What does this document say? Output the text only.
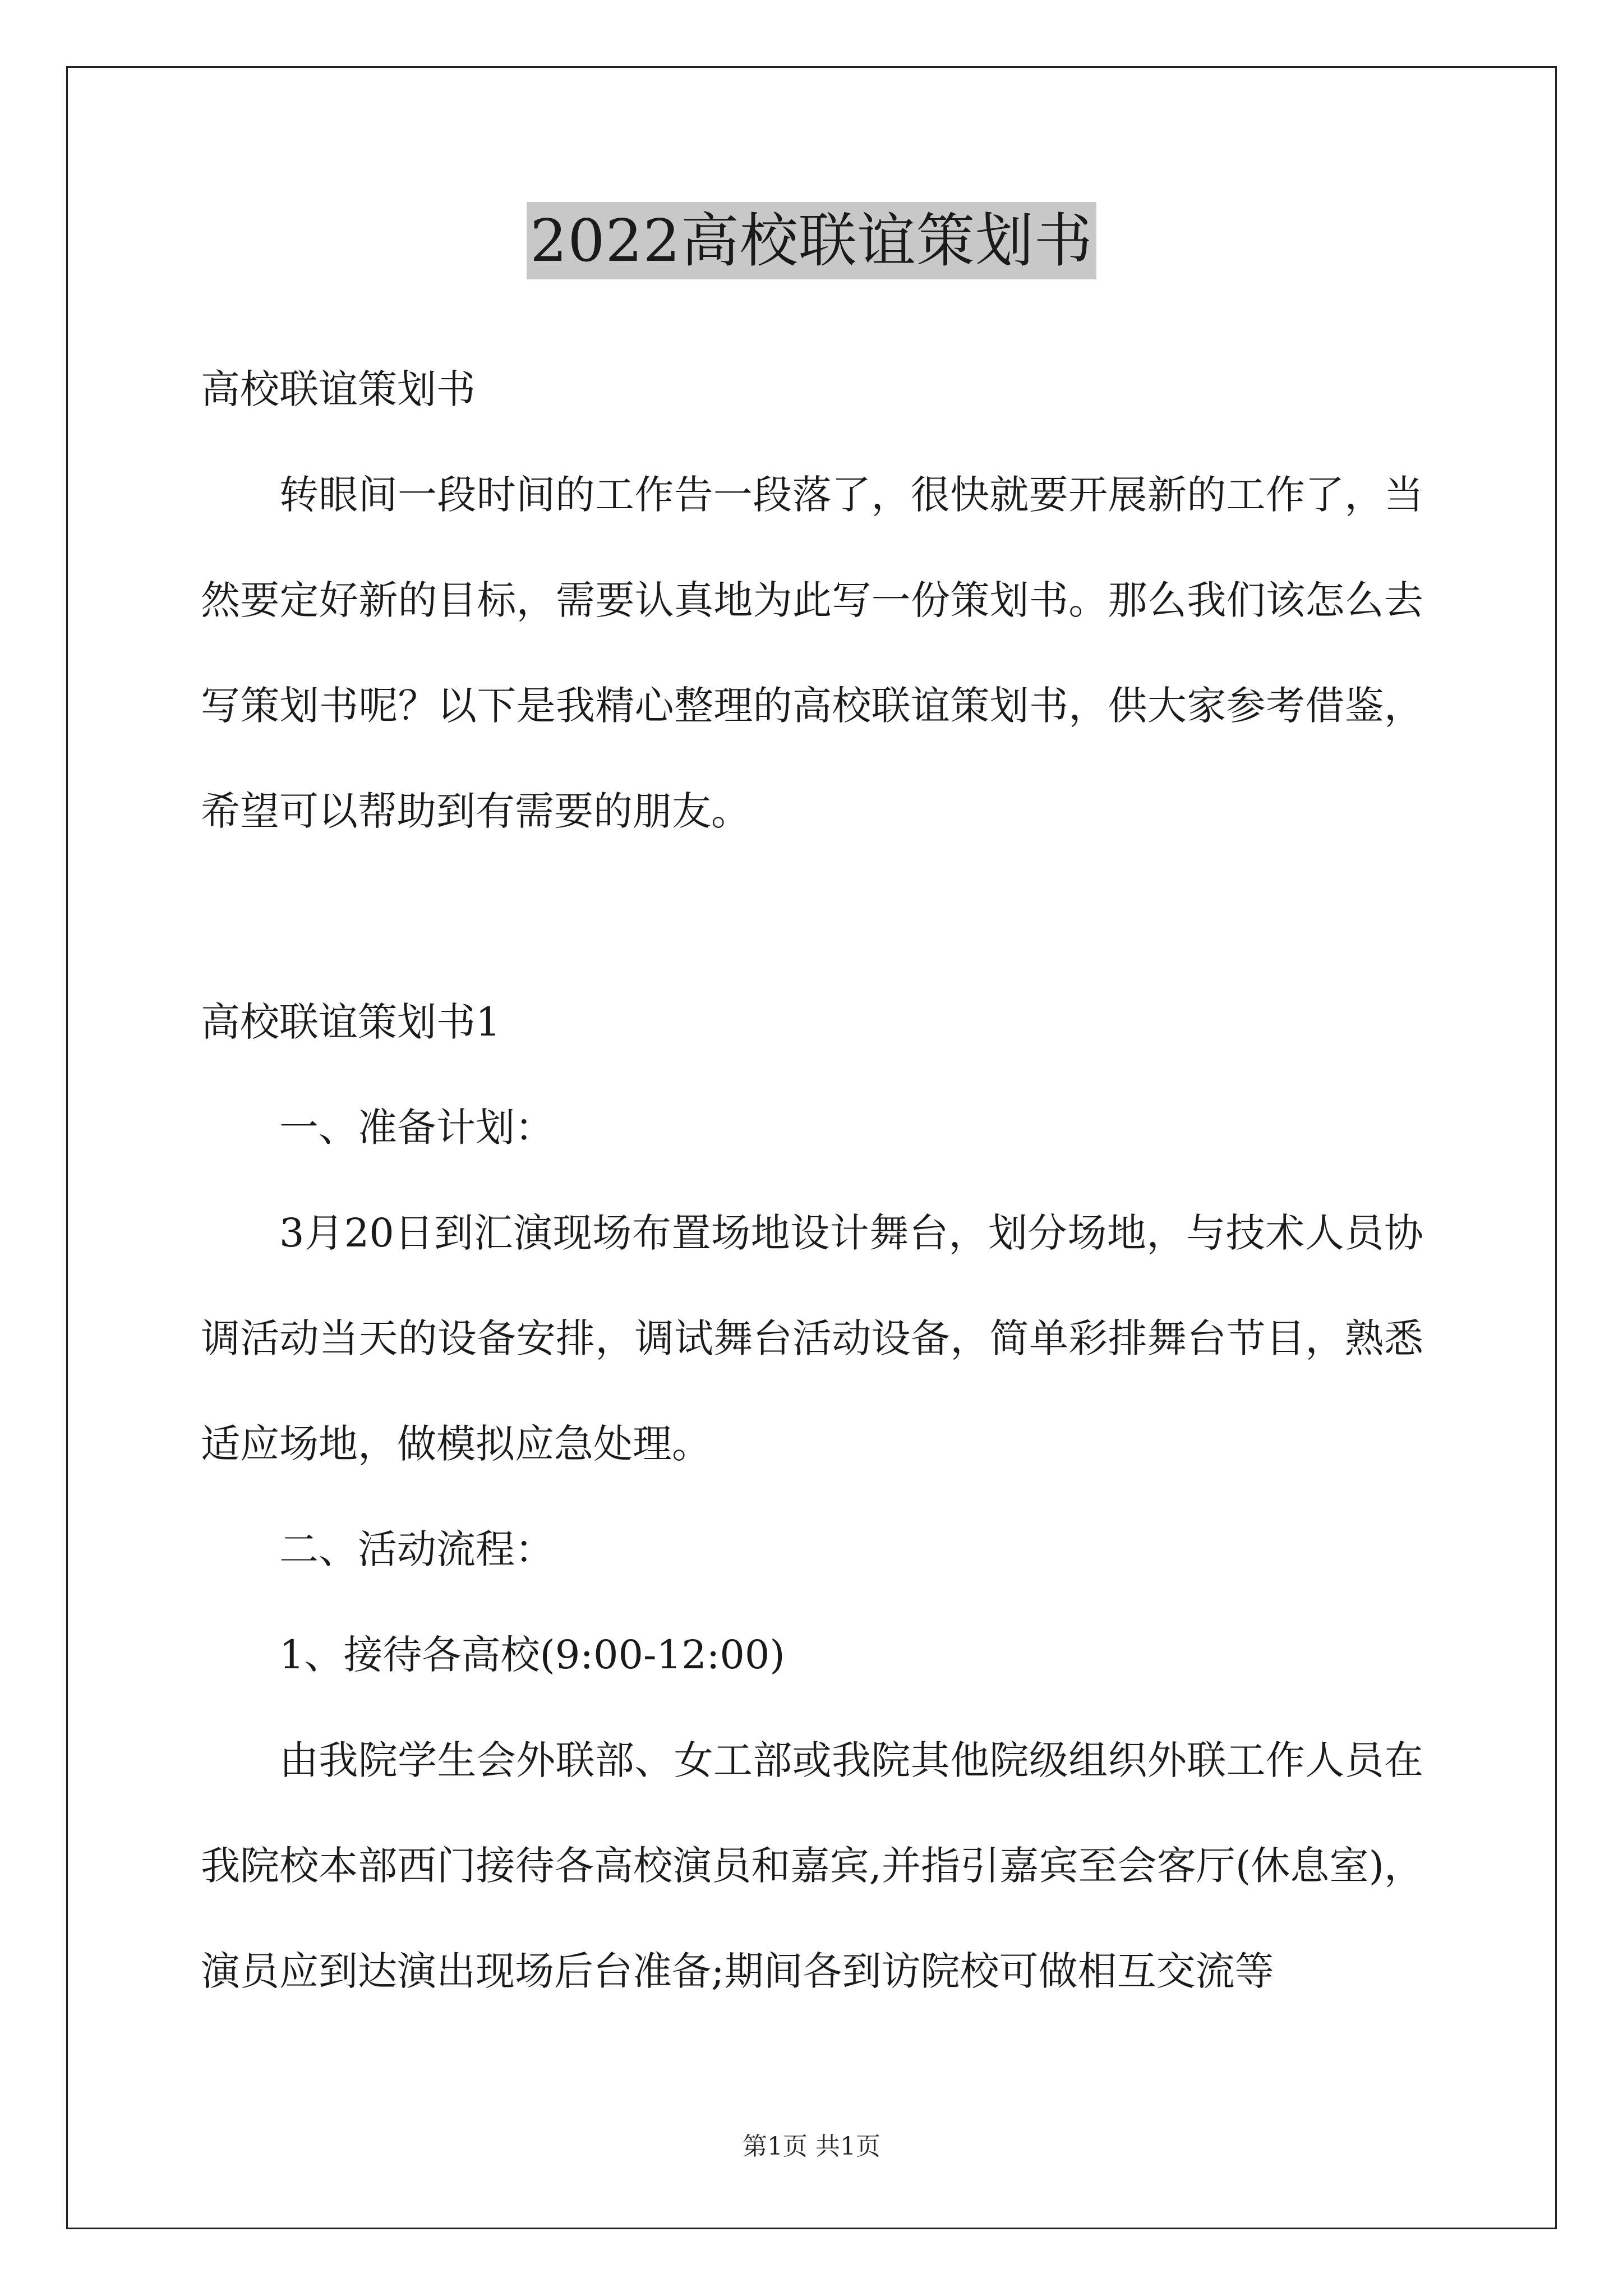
2022高校联谊策划书

高校联谊策划书

转眼间一段时间的工作告一段落了，很快就要开展新的工作了，当然要定好新的目标，需要认真地为此写一份策划书。那么我们该怎么去写策划书呢？以下是我精心整理的高校联谊策划书，供大家参考借鉴，希望可以帮助到有需要的朋友。

高校联谊策划书1

一、准备计划：

3月20日到汇演现场布置场地设计舞台，划分场地，与技术人员协调活动当天的设备安排，调试舞台活动设备，简单彩排舞台节目，熟悉适应场地，做模拟应急处理。

二、活动流程：

1、接待各高校(9:00-12:00)

由我院学生会外联部、女工部或我院其他院级组织外联工作人员在我院校本部西门接待各高校演员和嘉宾,并指引嘉宾至会客厅(休息室)，演员应到达演出现场后台准备;期间各到访院校可做相互交流等

第1页 共1页
